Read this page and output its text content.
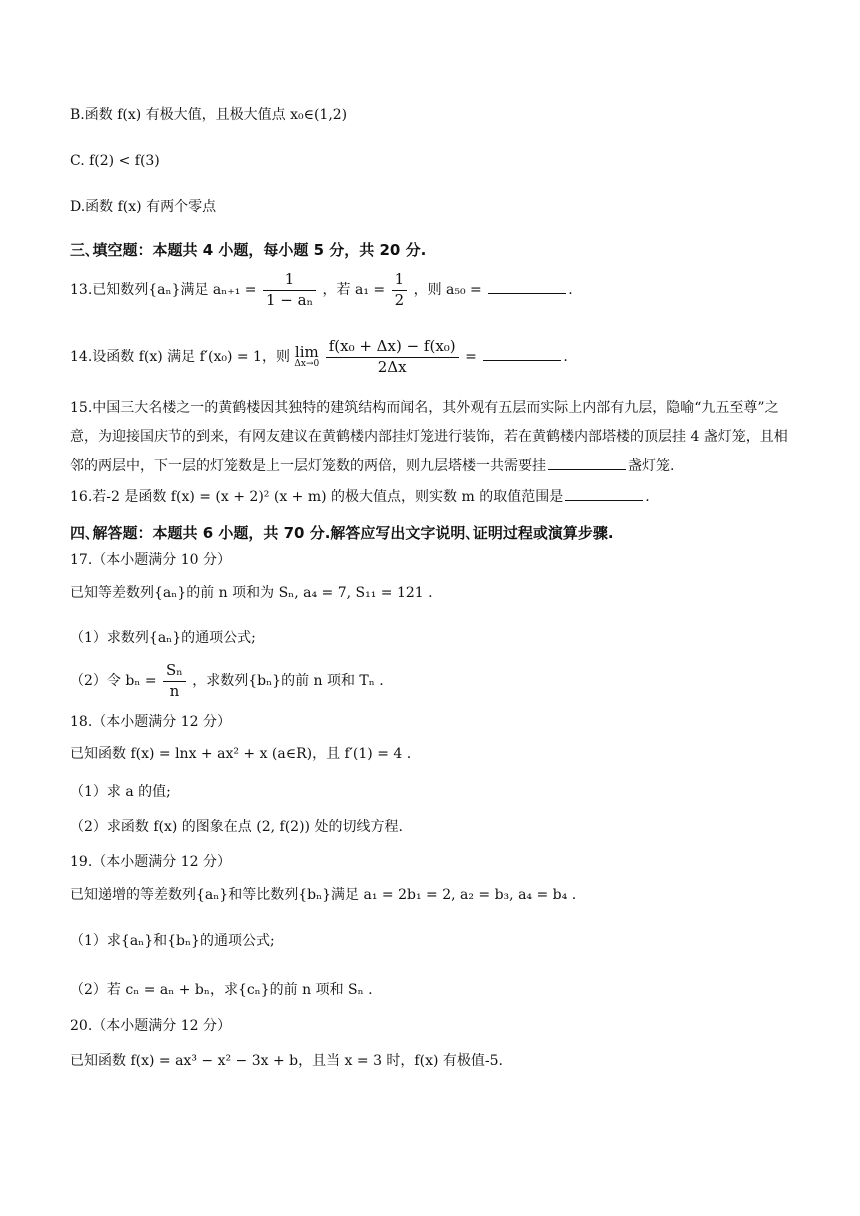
B.函数 f(x) 有极大值，且极大值点 x₀∈(1,2)
C. f(2) < f(3)
D.函数 f(x) 有两个零点
三､填空题：本题共 4 小题，每小题 5 分，共 20 分.
13.已知数列{aₙ}满足 $a_{n+1} = \frac{1}{\text{1 − aₙ}}$ ，若 $a_1 = \frac{1}{2}$ ，则 a₅₀ =	.
14.设函数 f(x) 满足 f′(x₀) = 1，则 lim
Δx→0
$\frac{\text{f(x₀ + Δx) − f(x₀)}}{2\Delta x}$ =	.
15.中国三大名楼之一的黄鹤楼因其独特的建筑结构而闻名，其外观有五层而实际上内部有九层，隐喻“九五至尊”之意，为迎接国庆节的到来，有网友建议在黄鹤楼内部挂灯笼进行装饰，若在黄鹤楼内部塔楼的顶层挂 4 盏灯笼，且相邻的两层中，下一层的灯笼数是上一层灯笼数的两倍，则九层塔楼一共需要挂	盏灯笼.
16.若-2 是函数 f(x) = (x + 2)² (x + m) 的极大值点，则实数 m 的取值范围是	.
四､解答题：本题共 6 小题，共 70 分.解答应写出文字说明､证明过程或演算步骤.
17.（本小题满分 10 分）
已知等差数列{aₙ}的前 n 项和为 Sₙ, a₄ = 7, S₁₁ = 121 .
（1）求数列{aₙ}的通项公式;
（2）令 $b_n = \frac{\text{Sₙ}}{n}$ ，求数列{bₙ}的前 n 项和 Tₙ .
18.（本小题满分 12 分）
已知函数 f(x) = lnx + ax² + x (a∈R)，且 f′(1) = 4 .
（1）求 a 的值;
（2）求函数 f(x) 的图象在点 (2, f(2)) 处的切线方程.
19.（本小题满分 12 分）
已知递增的等差数列{aₙ}和等比数列{bₙ}满足 a₁ = 2b₁ = 2, a₂ = b₃, a₄ = b₄ .
（1）求{aₙ}和{bₙ}的通项公式;
（2）若 cₙ = aₙ + bₙ，求{cₙ}的前 n 项和 Sₙ .
20.（本小题满分 12 分）
已知函数 f(x) = ax³ − x² − 3x + b，且当 x = 3 时，f(x) 有极值-5.
